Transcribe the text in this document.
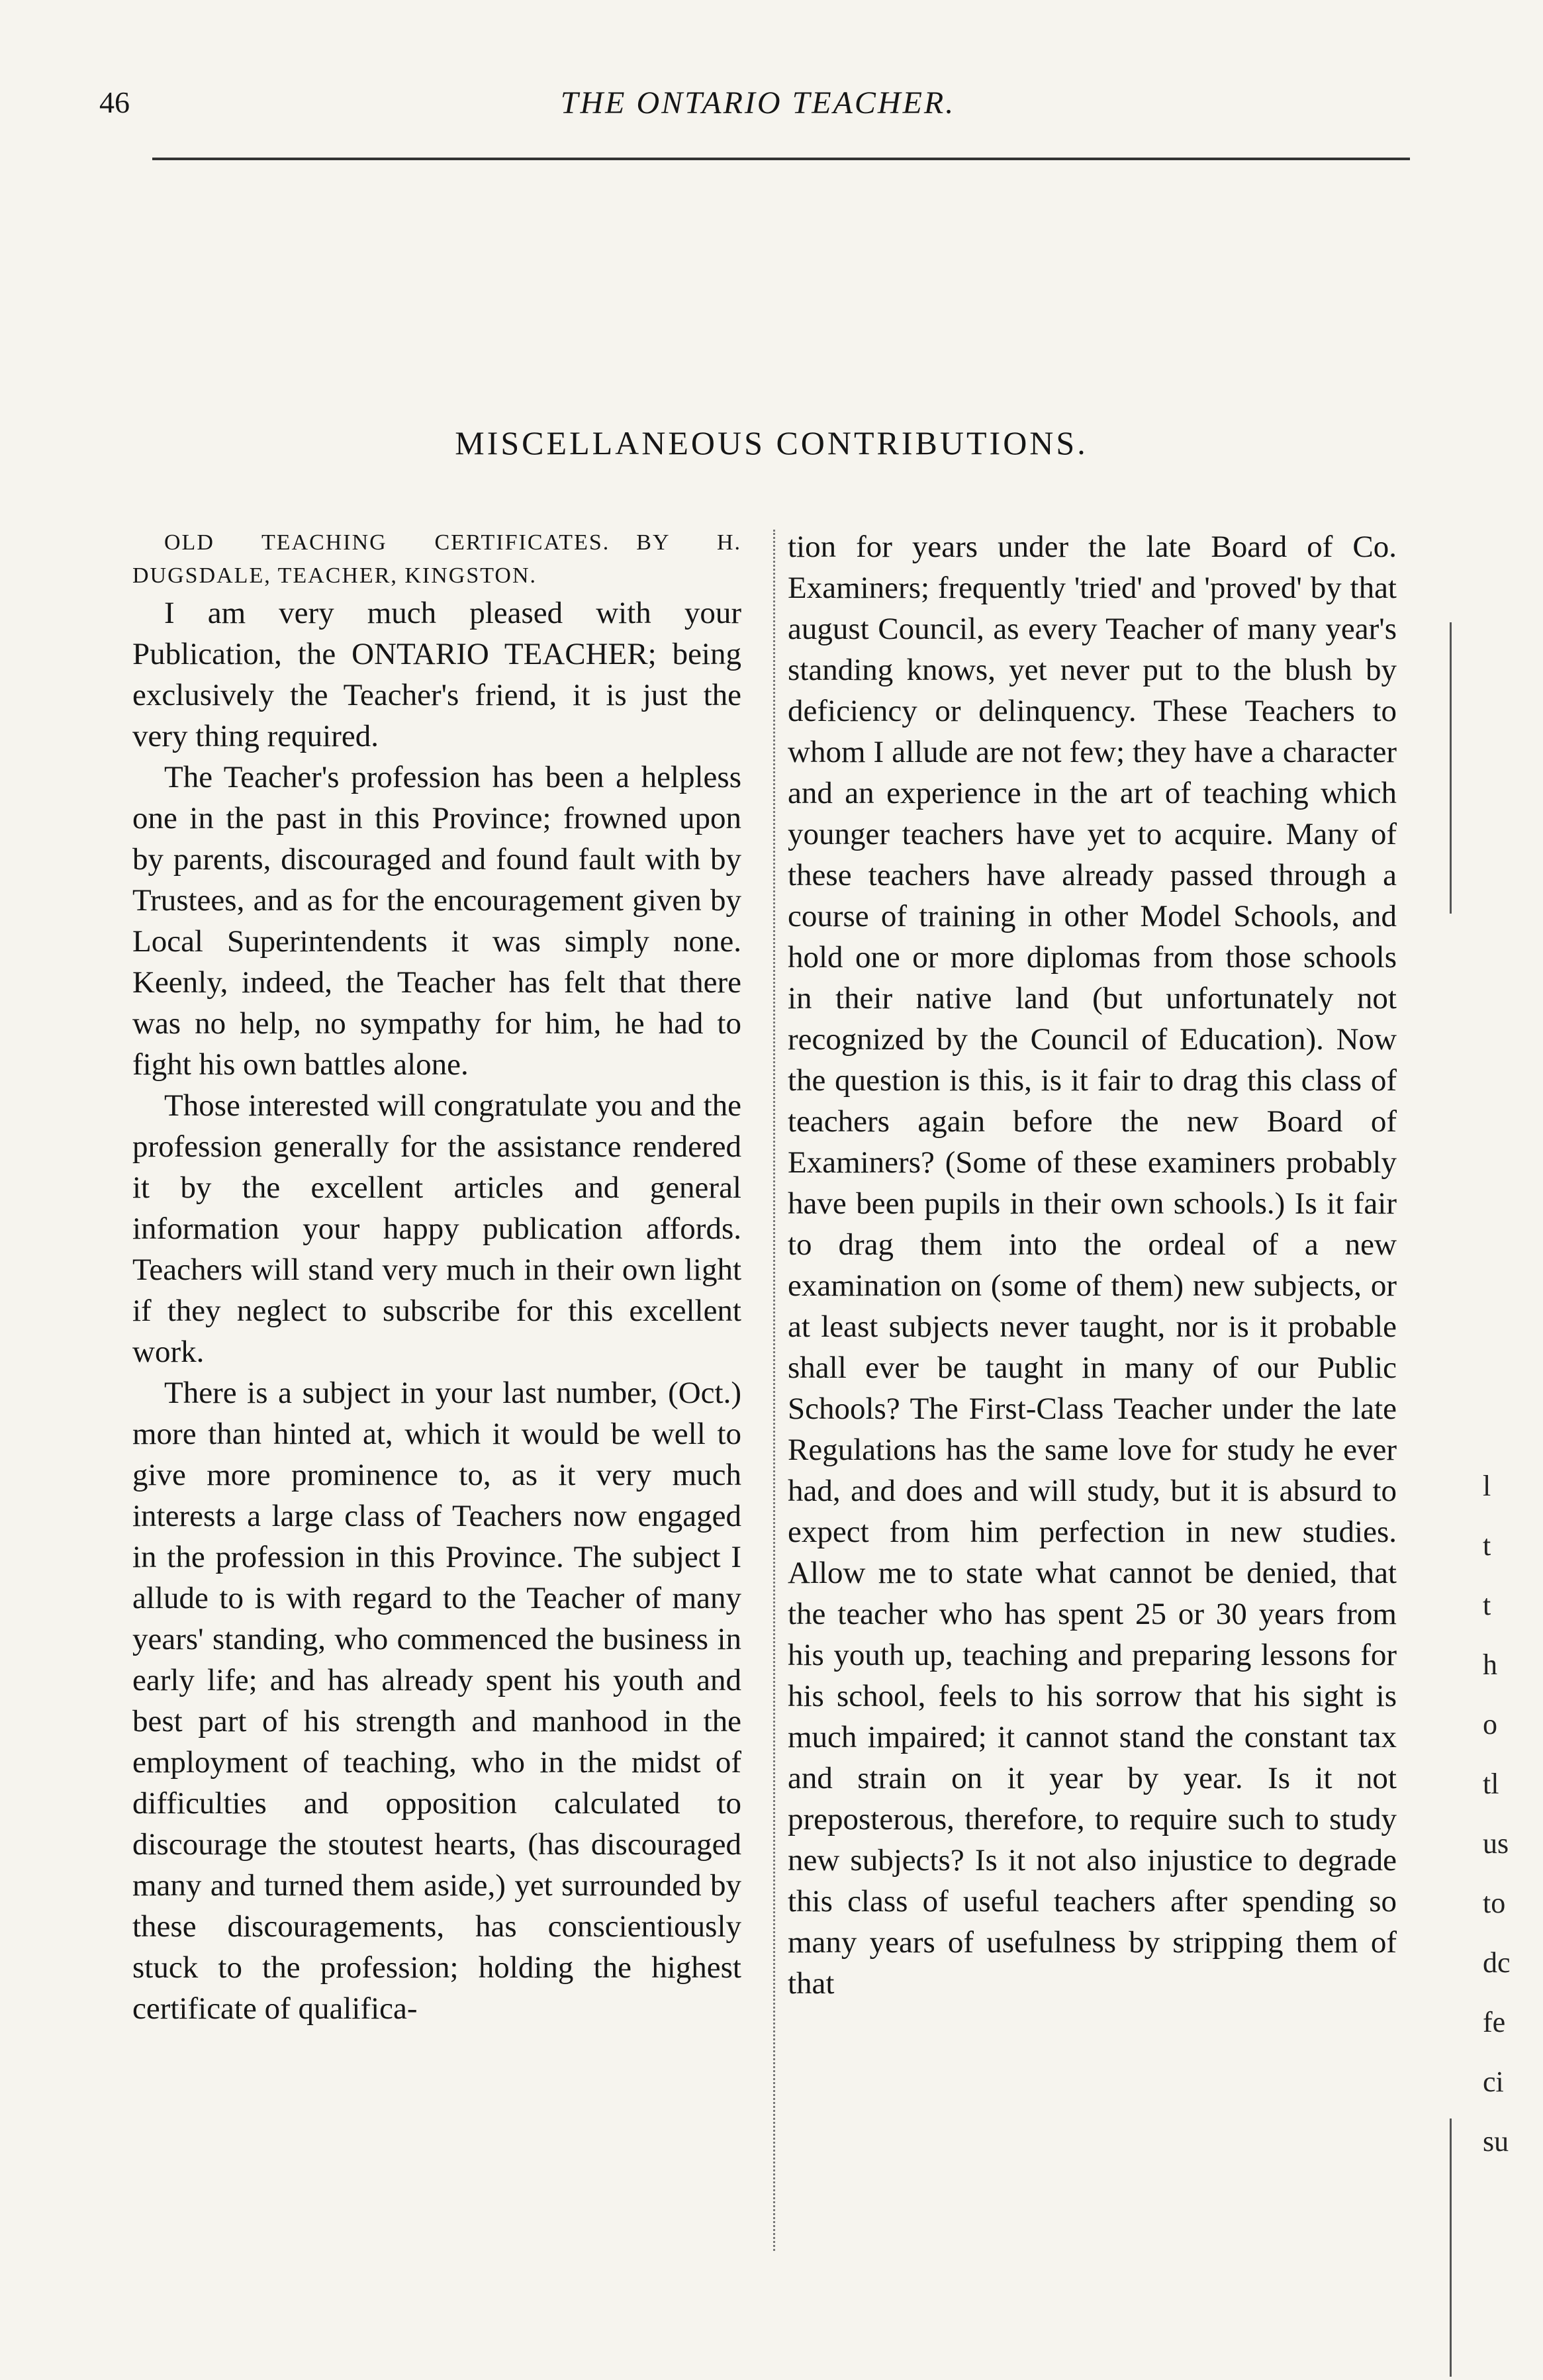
46	THE ONTARIO TEACHER.
MISCELLANEOUS CONTRIBUTIONS.

OLD TEACHING CERTIFICATES. BY H. DUGSDALE, TEACHER, KINGSTON.

I am very much pleased with your Publication, the ONTARIO TEACHER; being exclusively the Teacher's friend, it is just the very thing required.

The Teacher's profession has been a helpless one in the past in this Province; frowned upon by parents, discouraged and found fault with by Trustees, and as for the encouragement given by Local Superintendents it was simply none. Keenly, indeed, the Teacher has felt that there was no help, no sympathy for him, he had to fight his own battles alone.

Those interested will congratulate you and the profession generally for the assistance rendered it by the excellent articles and general information your happy publication affords. Teachers will stand very much in their own light if they neglect to subscribe for this excellent work.

There is a subject in your last number, (Oct.) more than hinted at, which it would be well to give more prominence to, as it very much interests a large class of Teachers now engaged in the profession in this Province. The subject I allude to is with regard to the Teacher of many years' standing, who commenced the business in early life; and has already spent his youth and best part of his strength and manhood in the employment of teaching, who in the midst of difficulties and opposition calculated to discourage the stoutest hearts, (has discouraged many and turned them aside,) yet surrounded by these discouragements, has conscientiously stuck to the profession; holding the highest certificate of qualifica-

tion for years under the late Board of Co. Examiners; frequently 'tried' and 'proved' by that august Council, as every Teacher of many year's standing knows, yet never put to the blush by deficiency or delinquency. These Teachers to whom I allude are not few; they have a character and an experience in the art of teaching which younger teachers have yet to acquire. Many of these teachers have already passed through a course of training in other Model Schools, and hold one or more diplomas from those schools in their native land (but unfortunately not recognized by the Council of Education). Now the question is this, is it fair to drag this class of teachers again before the new Board of Examiners? (Some of these examiners probably have been pupils in their own schools.) Is it fair to drag them into the ordeal of a new examination on (some of them) new subjects, or at least subjects never taught, nor is it probable shall ever be taught in many of our Public Schools? The First-Class Teacher under the late Regulations has the same love for study he ever had, and does and will study, but it is absurd to expect from him perfection in new studies. Allow me to state what cannot be denied, that the teacher who has spent 25 or 30 years from his youth up, teaching and preparing lessons for his school, feels to his sorrow that his sight is much impaired; it cannot stand the constant tax and strain on it year by year. Is it not preposterous, therefore, to require such to study new subjects? Is it not also injustice to degrade this class of useful teachers after spending so many years of usefulness by stripping them of that

l
t
t
h
o
tl
us
to
dc
fe
ci
su
